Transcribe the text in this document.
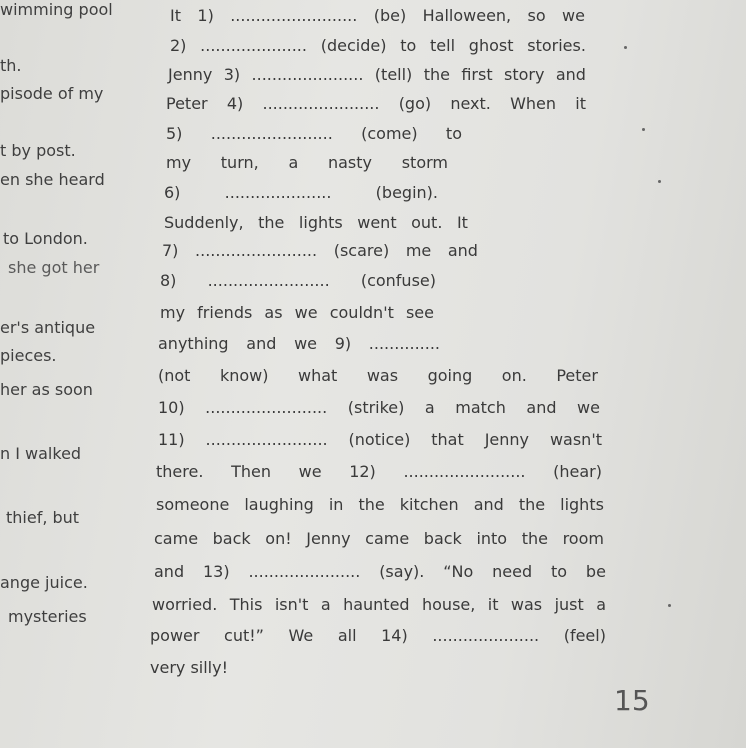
wimming pool
th.
pisode of my
t by post.
en she heard
to London.
she got her
er's antique
pieces.
her as soon
n I walked
thief, but
ange juice.
mysteries
It 1) ......................... (be) Halloween, so we
2) ..................... (decide) to tell ghost stories.
Jenny 3) ...................... (tell) the first story and
Peter 4) ....................... (go) next. When it
5) ........................ (come) to
my turn, a nasty storm
6)	.....................	(begin).
Suddenly, the lights went out. It
7) ........................ (scare) me and
8) ........................ (confuse)
my friends as we couldn't see
anything and we 9) ..............
(not know) what was going on. Peter
10) ........................ (strike) a match and we
11) ........................ (notice) that Jenny wasn't
there. Then we 12) ........................ (hear)
someone laughing in the kitchen and the lights
came back on! Jenny came back into the room
and 13) ...................... (say). “No need to be
worried. This isn't a haunted house, it was just a
power cut!” We all 14) ..................... (feel)
very silly!
15
